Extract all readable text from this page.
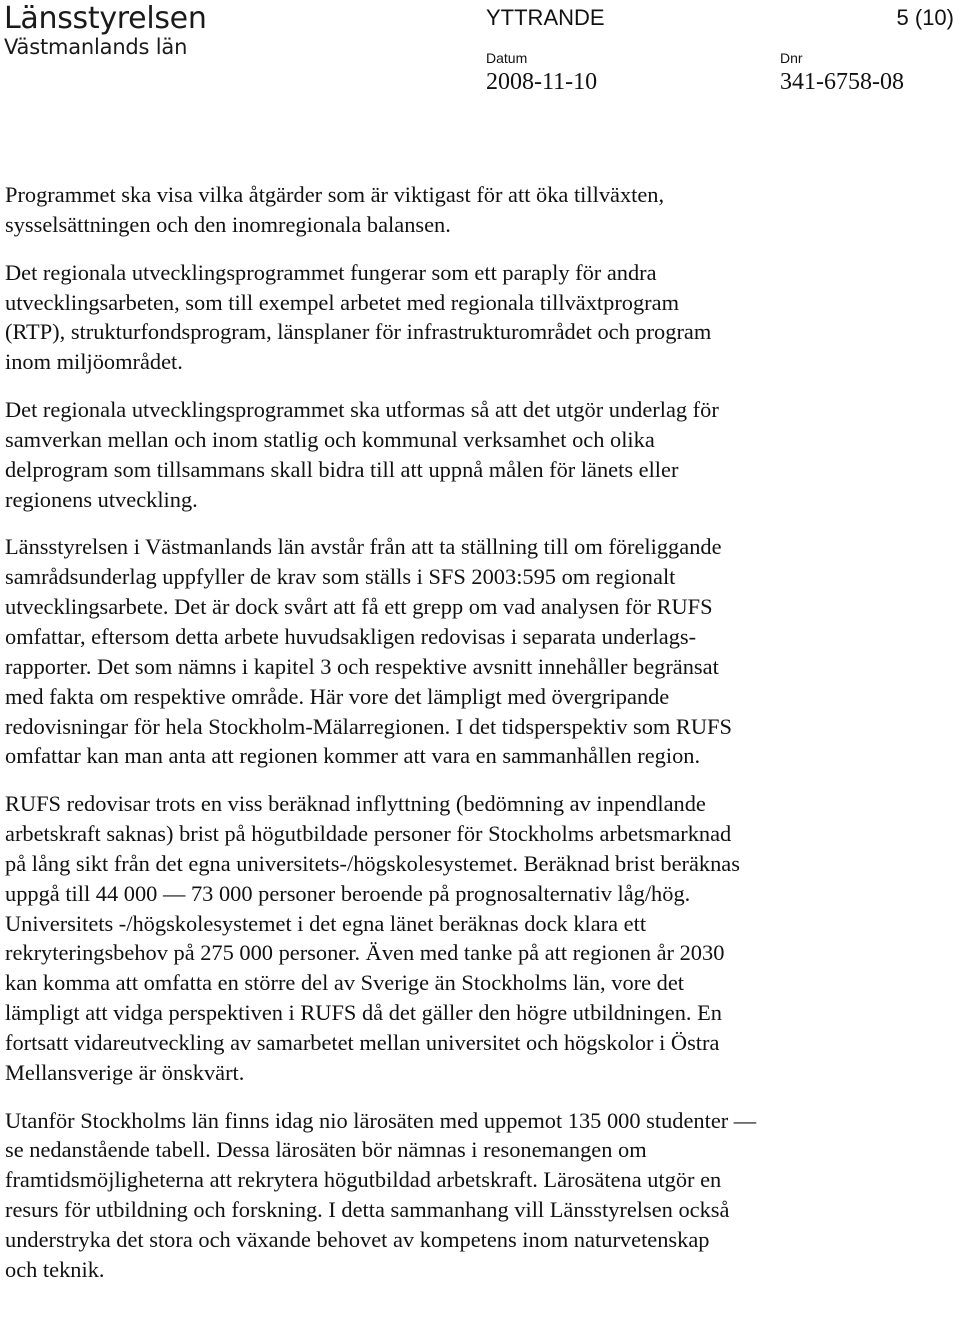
Länsstyrelsen
Västmanlands län
YTTRANDE	5 (10)
Datum
2008-11-10
Dnr
341-6758-08

Programmet ska visa vilka åtgärder som är viktigast för att öka tillväxten,
sysselsättningen och den inomregionala balansen.

Det regionala utvecklingsprogrammet fungerar som ett paraply för andra
utvecklingsarbeten, som till exempel arbetet med regionala tillväxtprogram
(RTP), strukturfondsprogram, länsplaner för infrastrukturområdet och program
inom miljöområdet.

Det regionala utvecklingsprogrammet ska utformas så att det utgör underlag för
samverkan mellan och inom statlig och kommunal verksamhet och olika
delprogram som tillsammans skall bidra till att uppnå målen för länets eller
regionens utveckling.

Länsstyrelsen i Västmanlands län avstår från att ta ställning till om föreliggande
samrådsunderlag uppfyller de krav som ställs i SFS 2003:595 om regionalt
utvecklingsarbete. Det är dock svårt att få ett grepp om vad analysen för RUFS
omfattar, eftersom detta arbete huvudsakligen redovisas i separata underlags-
rapporter. Det som nämns i kapitel 3 och respektive avsnitt innehåller begränsat
med fakta om respektive område. Här vore det lämpligt med övergripande
redovisningar för hela Stockholm-Mälarregionen. I det tidsperspektiv som RUFS
omfattar kan man anta att regionen kommer att vara en sammanhållen region.

RUFS redovisar trots en viss beräknad inflyttning (bedömning av inpendlande
arbetskraft saknas) brist på högutbildade personer för Stockholms arbetsmarknad
på lång sikt från det egna universitets-/högskolesystemet. Beräknad brist beräknas
uppgå till 44 000 — 73 000 personer beroende på prognosalternativ låg/hög.
Universitets -/högskolesystemet i det egna länet beräknas dock klara ett
rekryteringsbehov på 275 000 personer. Även med tanke på att regionen år 2030
kan komma att omfatta en större del av Sverige än Stockholms län, vore det
lämpligt att vidga perspektiven i RUFS då det gäller den högre utbildningen. En
fortsatt vidareutveckling av samarbetet mellan universitet och högskolor i Östra
Mellansverige är önskvärt.

Utanför Stockholms län finns idag nio lärosäten med uppemot 135 000 studenter —
se nedanstående tabell. Dessa lärosäten bör nämnas i resonemangen om
framtidsmöjligheterna att rekrytera högutbildad arbetskraft. Lärosätena utgör en
resurs för utbildning och forskning. I detta sammanhang vill Länsstyrelsen också
understryka det stora och växande behovet av kompetens inom naturvetenskap
och teknik.
